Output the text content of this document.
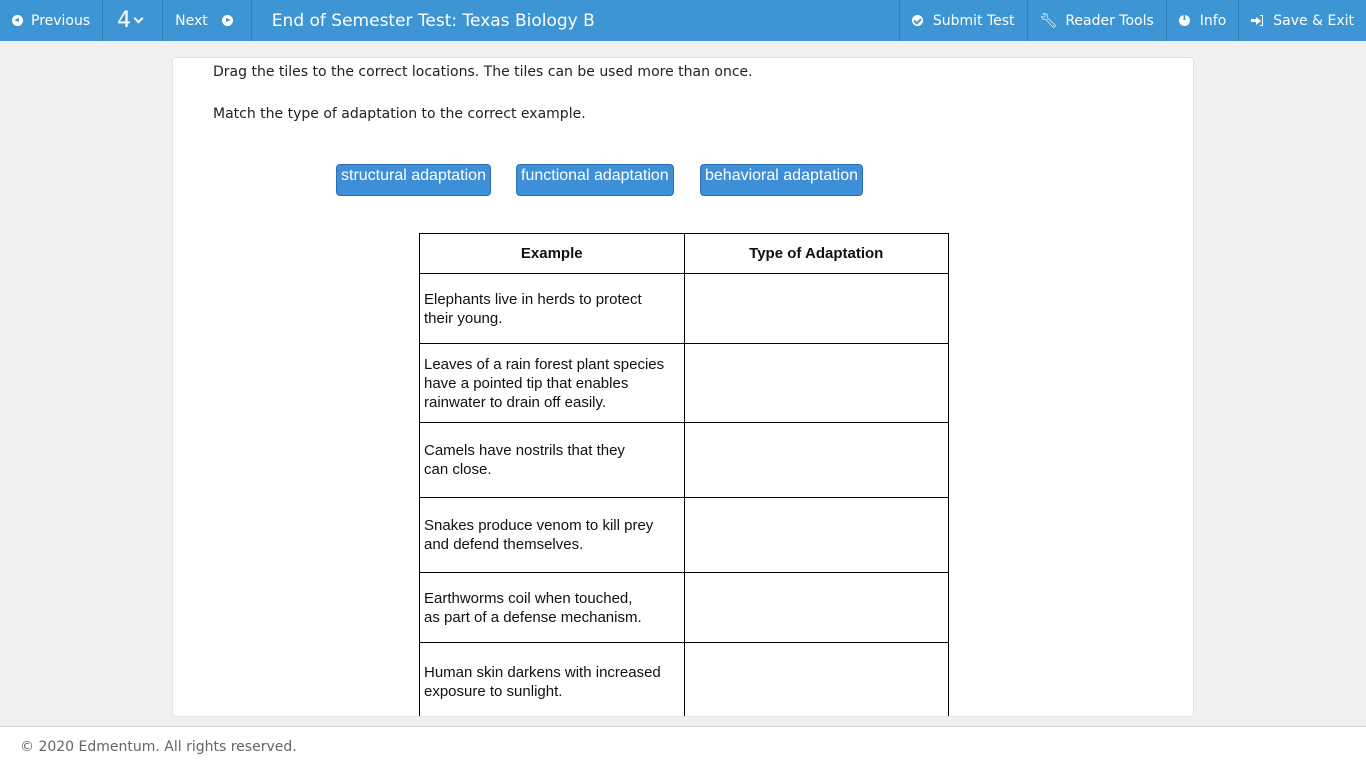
Previous 4	Next	End of Semester Test: Texas Biology B	Submit Test 🔧︎ Reader Tools i	Info	Save & Exit
Drag the tiles to the correct locations. The tiles can be used more than once.
Match the type of adaptation to the correct example.
structural adaptation	functional adaptation	behavioral adaptation
Example	Type of Adaptation

Elephants live in herds to protect
their young.	

Leaves of a rain forest plant species
have a pointed tip that enables
rainwater to drain off easily.	

Camels have nostrils that they
can close.	

Snakes produce venom to kill prey
and defend themselves.	

Earthworms coil when touched,
as part of a defense mechanism.	

Human skin darkens with increased
exposure to sunlight.	

© 2020 Edmentum. All rights reserved.
